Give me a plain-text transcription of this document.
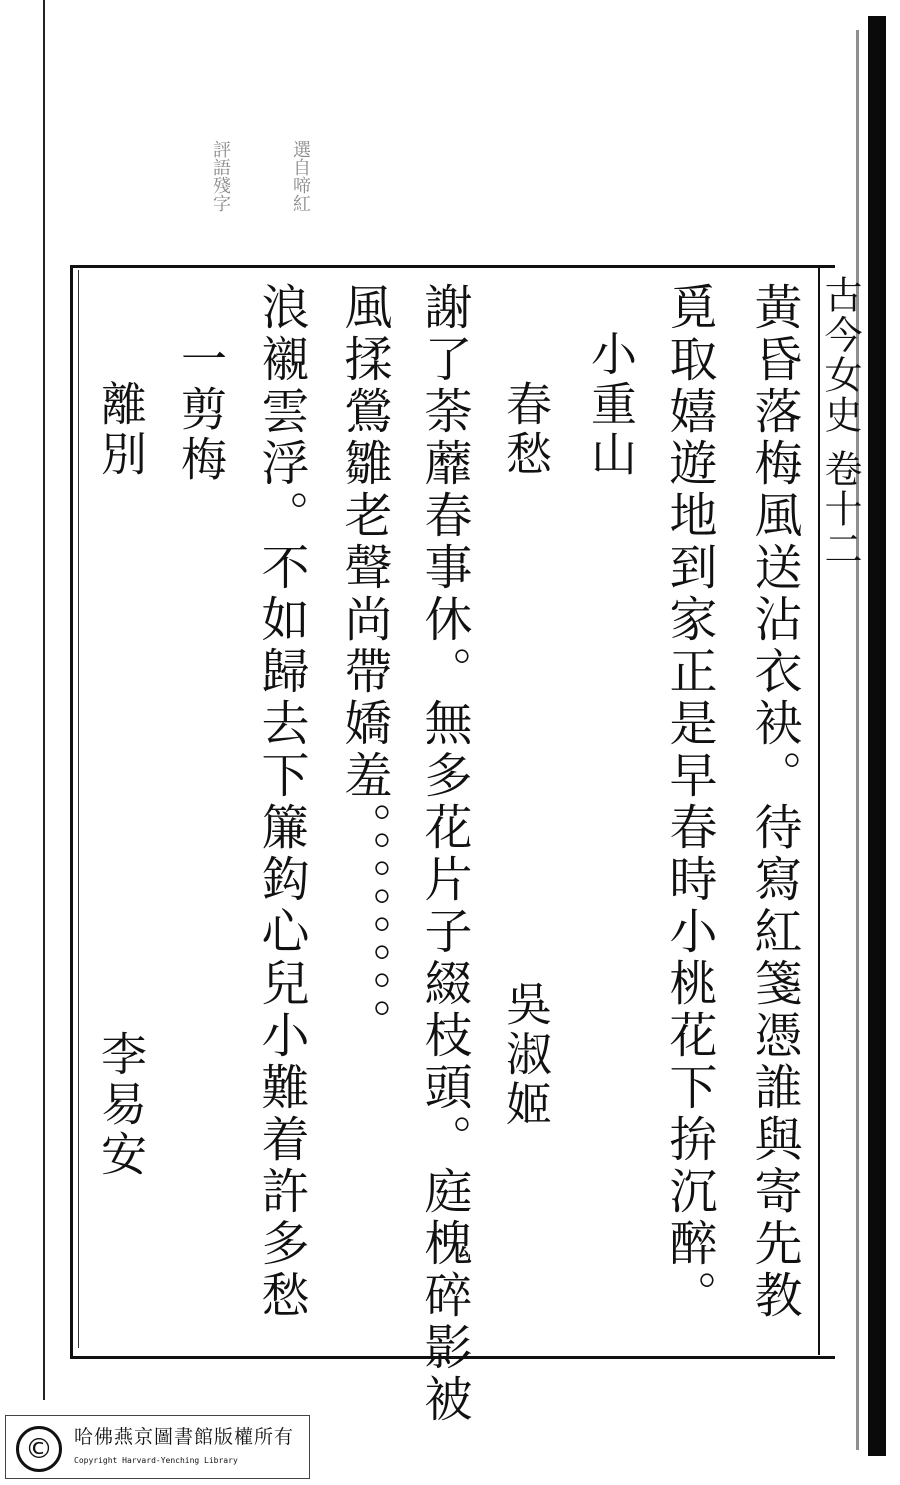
選自啼紅
評語殘字
古今女史 卷十二
黃昏落梅風送沾衣袂。待寫紅箋憑誰與寄先教
覓取嬉遊地到家正是早春時小桃花下拚沉醉。
小重山
春愁　　　　　　　　　　吳淑姬
謝了荼蘼春事休。無多花片子綴枝頭。庭槐碎影被
風揉鶯雛老聲尚帶嬌羞。。。。。。。。
浪襯雲浮。不如歸去下簾鈎心兒小難着許多愁
一剪梅
離別　　　　　　　　　　　李易安
©	哈佛燕京圖書館版權所有
Copyright Harvard-Yenching Library
